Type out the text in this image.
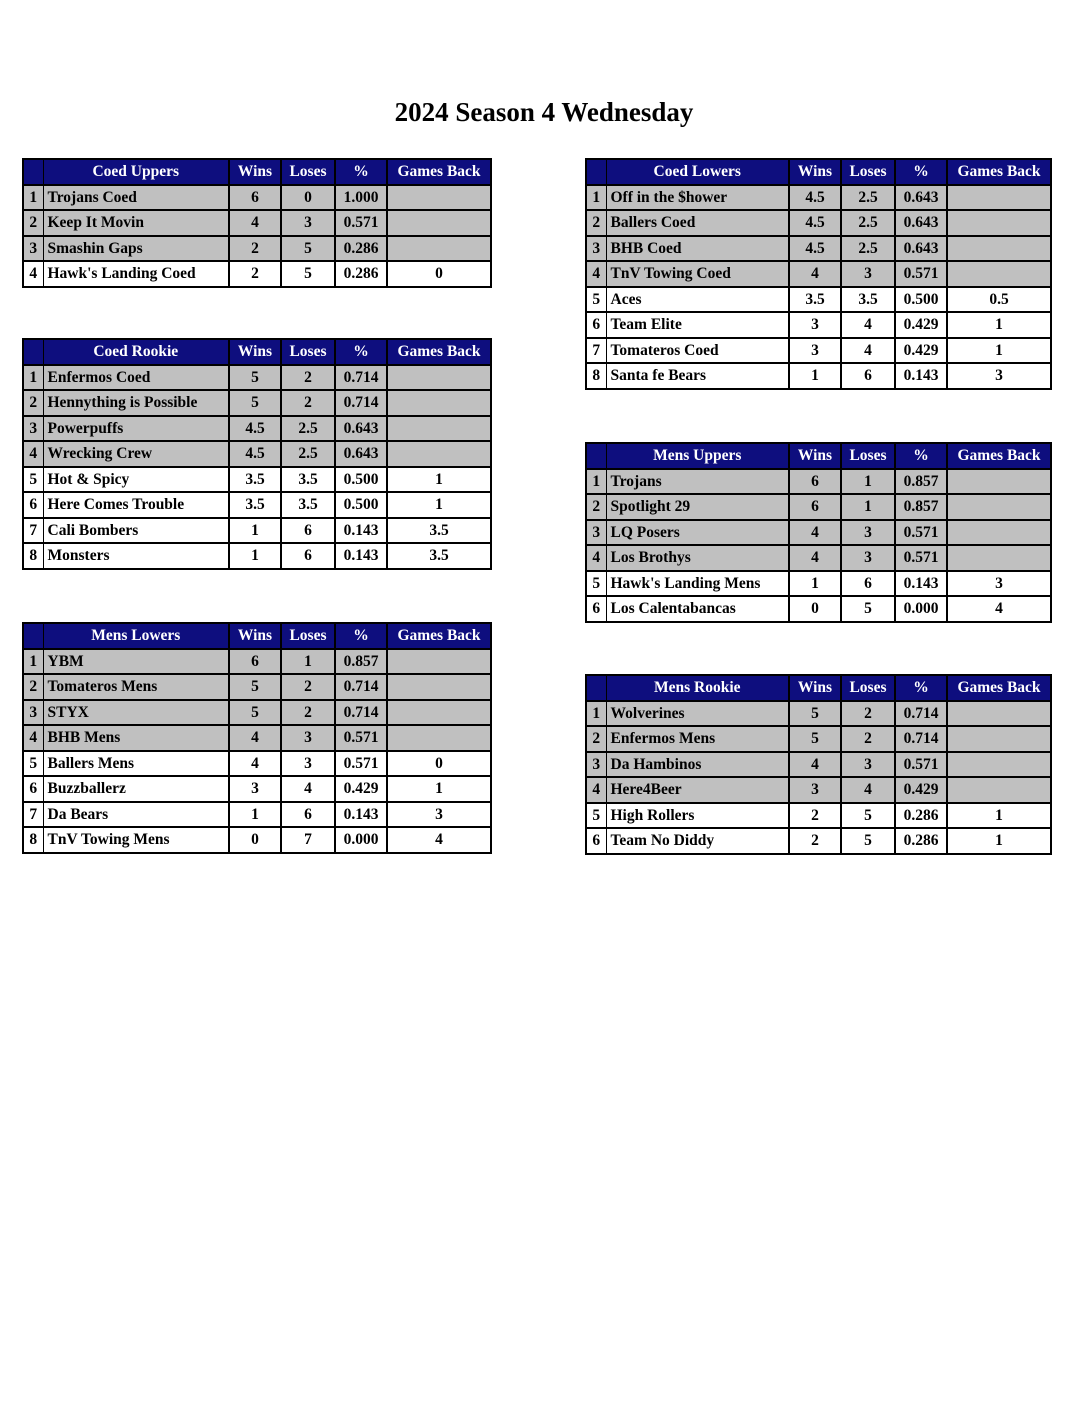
2024 Season 4 Wednesday
	Coed Uppers	Wins	Loses	%	Games Back
1	Trojans Coed	6	0	1.000	
2	Keep It Movin	4	3	0.571	
3	Smashin Gaps	2	5	0.286	
4	Hawk's Landing Coed	2	5	0.286	0
	Coed Lowers	Wins	Loses	%	Games Back
1	Off in the $hower	4.5	2.5	0.643	
2	Ballers Coed	4.5	2.5	0.643	
3	BHB Coed	4.5	2.5	0.643	
4	TnV Towing Coed	4	3	0.571	
5	Aces	3.5	3.5	0.500	0.5
6	Team Elite	3	4	0.429	1
7	Tomateros Coed	3	4	0.429	1
8	Santa fe Bears	1	6	0.143	3
	Coed Rookie	Wins	Loses	%	Games Back
1	Enfermos Coed	5	2	0.714	
2	Hennything is Possible	5	2	0.714	
3	Powerpuffs	4.5	2.5	0.643	
4	Wrecking Crew	4.5	2.5	0.643	
5	Hot & Spicy	3.5	3.5	0.500	1
6	Here Comes Trouble	3.5	3.5	0.500	1
7	Cali Bombers	1	6	0.143	3.5
8	Monsters	1	6	0.143	3.5
	Mens Uppers	Wins	Loses	%	Games Back
1	Trojans	6	1	0.857	
2	Spotlight 29	6	1	0.857	
3	LQ Posers	4	3	0.571	
4	Los Brothys	4	3	0.571	
5	Hawk's Landing Mens	1	6	0.143	3
6	Los Calentabancas	0	5	0.000	4
	Mens Lowers	Wins	Loses	%	Games Back
1	YBM	6	1	0.857	
2	Tomateros Mens	5	2	0.714	
3	STYX	5	2	0.714	
4	BHB Mens	4	3	0.571	
5	Ballers Mens	4	3	0.571	0
6	Buzzballerz	3	4	0.429	1
7	Da Bears	1	6	0.143	3
8	TnV Towing Mens	0	7	0.000	4
	Mens Rookie	Wins	Loses	%	Games Back
1	Wolverines	5	2	0.714	
2	Enfermos Mens	5	2	0.714	
3	Da Hambinos	4	3	0.571	
4	Here4Beer	3	4	0.429	
5	High Rollers	2	5	0.286	1
6	Team No Diddy	2	5	0.286	1
